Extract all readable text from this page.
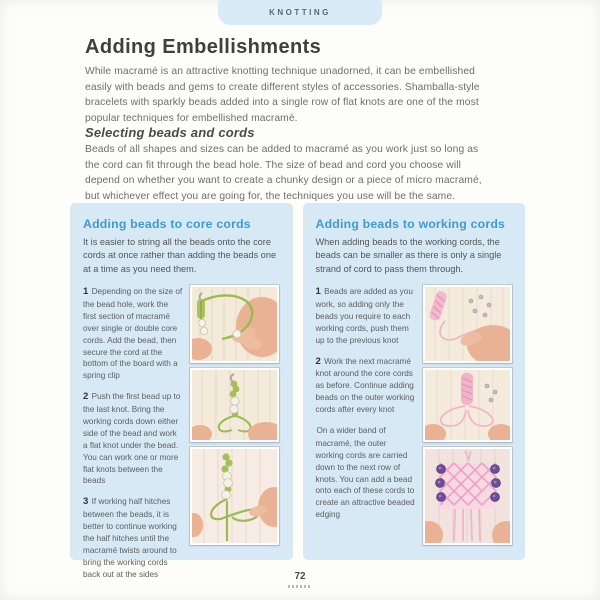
KNOTTING
Adding Embellishments

While macramé is an attractive knotting technique unadorned, it can be embellished easily with beads and gems to create different styles of accessories. Shamballa-style bracelets with sparkly beads added into a single row of flat knots are one of the most popular techniques for embellished macramé.

Selecting beads and cords

Beads of all shapes and sizes can be added to macramé as you work just so long as the cord can fit through the bead hole. The size of bead and cord you choose will depend on whether you want to create a chunky design or a piece of micro macramé, but whichever effect you are going for, the techniques you use will be the same.

Adding beads to core cords

It is easier to string all the beads onto the core cords at once rather than adding the beads one at a time as you need them.

1 Depending on the size of the bead hole, work the first section of macramé over single or double core cords. Add the bead, then secure the cord at the bottom of the board with a spring clip

2 Push the first bead up to the last knot. Bring the working cords down either side of the bead and work a flat knot under the bead. You can work one or more flat knots between the beads

3 If working half hitches between the beads, it is better to continue working the half hitches until the macramé twists around to bring the working cords back out at the sides

Adding beads to working cords

When adding beads to the working cords, the beads can be smaller as there is only a single strand of cord to pass them through.

1 Beads are added as you work, so adding only the beads you require to each working cords, push them up to the previous knot

2 Work the next macramé knot around the core cords as before. Continue adding beads on the outer working cords after every knot

On a wider band of macramé, the outer working cords are carried down to the next row of knots. You can add a bead onto each of these cords to create an attractive beaded edging

72
